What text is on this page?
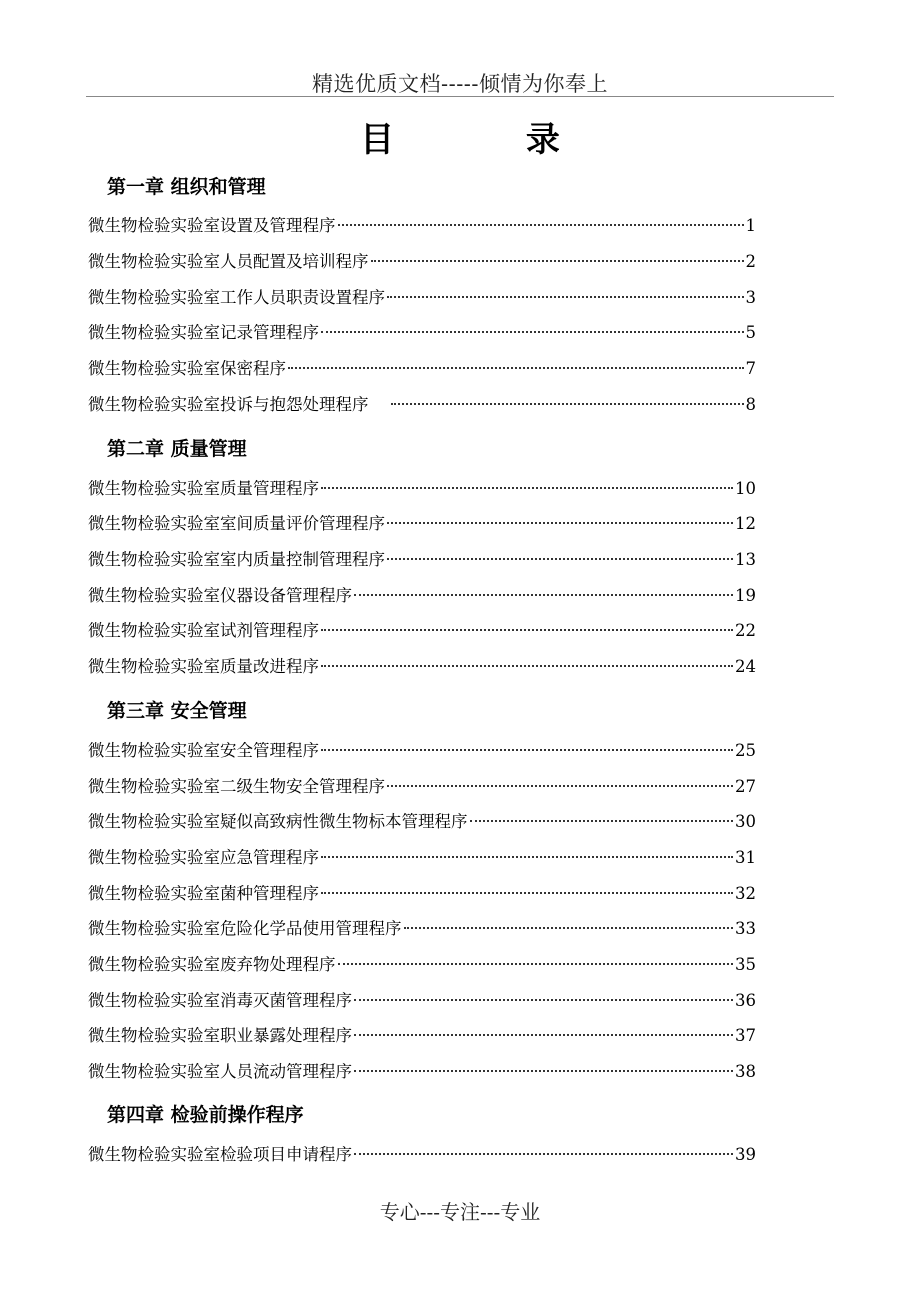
精选优质文档-----倾情为你奉上
目 录
第一章 组织和管理
微生物检验实验室设置及管理程序	1
微生物检验实验室人员配置及培训程序	2
微生物检验实验室工作人员职责设置程序	3
微生物检验实验室记录管理程序	5
微生物检验实验室保密程序	7
微生物检验实验室投诉与抱怨处理程序	8
第二章 质量管理
微生物检验实验室质量管理程序	10
微生物检验实验室室间质量评价管理程序	12
微生物检验实验室室内质量控制管理程序	13
微生物检验实验室仪器设备管理程序	19
微生物检验实验室试剂管理程序	22
微生物检验实验室质量改进程序	24
第三章 安全管理
微生物检验实验室安全管理程序	25
微生物检验实验室二级生物安全管理程序	27
微生物检验实验室疑似高致病性微生物标本管理程序	30
微生物检验实验室应急管理程序	31
微生物检验实验室菌种管理程序	32
微生物检验实验室危险化学品使用管理程序	33
微生物检验实验室废弃物处理程序	35
微生物检验实验室消毒灭菌管理程序	36
微生物检验实验室职业暴露处理程序	37
微生物检验实验室人员流动管理程序	38
第四章 检验前操作程序
微生物检验实验室检验项目申请程序	39
专心---专注---专业
